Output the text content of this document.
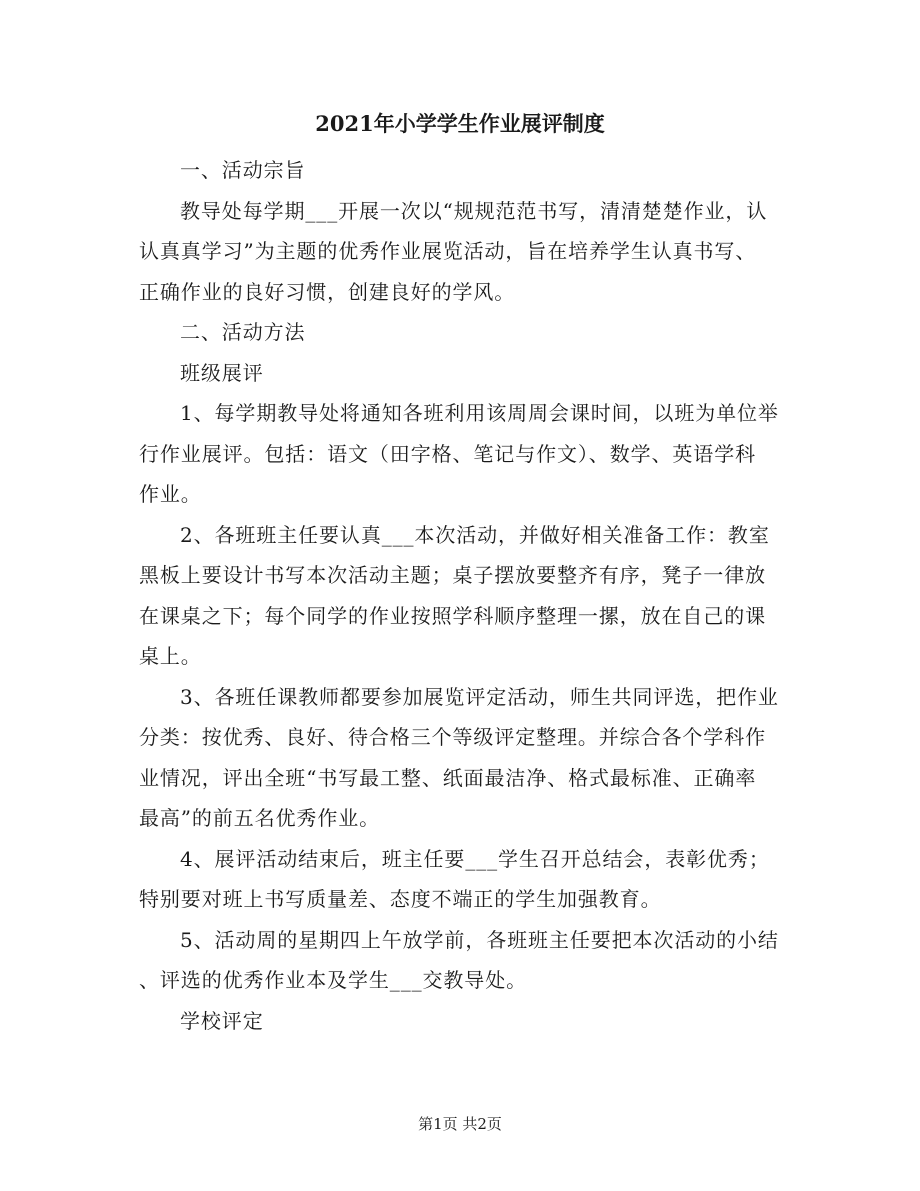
2021年小学学生作业展评制度

一、活动宗旨

教导处每学期___开展一次以“规规范范书写，清清楚楚作业，认

认真真学习”为主题的优秀作业展览活动，旨在培养学生认真书写、

正确作业的良好习惯，创建良好的学风。

二、活动方法

班级展评

1、每学期教导处将通知各班利用该周周会课时间，以班为单位举

行作业展评。包括：语文（田字格、笔记与作文）、数学、英语学科

作业。

2、各班班主任要认真___本次活动，并做好相关准备工作：教室

黑板上要设计书写本次活动主题；桌子摆放要整齐有序，凳子一律放

在课桌之下；每个同学的作业按照学科顺序整理一摞，放在自己的课

桌上。

3、各班任课教师都要参加展览评定活动，师生共同评选，把作业

分类：按优秀、良好、待合格三个等级评定整理。并综合各个学科作

业情况，评出全班“书写最工整、纸面最洁净、格式最标准、正确率

最高”的前五名优秀作业。

4、展评活动结束后，班主任要___学生召开总结会，表彰优秀；

特别要对班上书写质量差、态度不端正的学生加强教育。

5、活动周的星期四上午放学前，各班班主任要把本次活动的小结

、评选的优秀作业本及学生___交教导处。

学校评定

第1页 共2页
